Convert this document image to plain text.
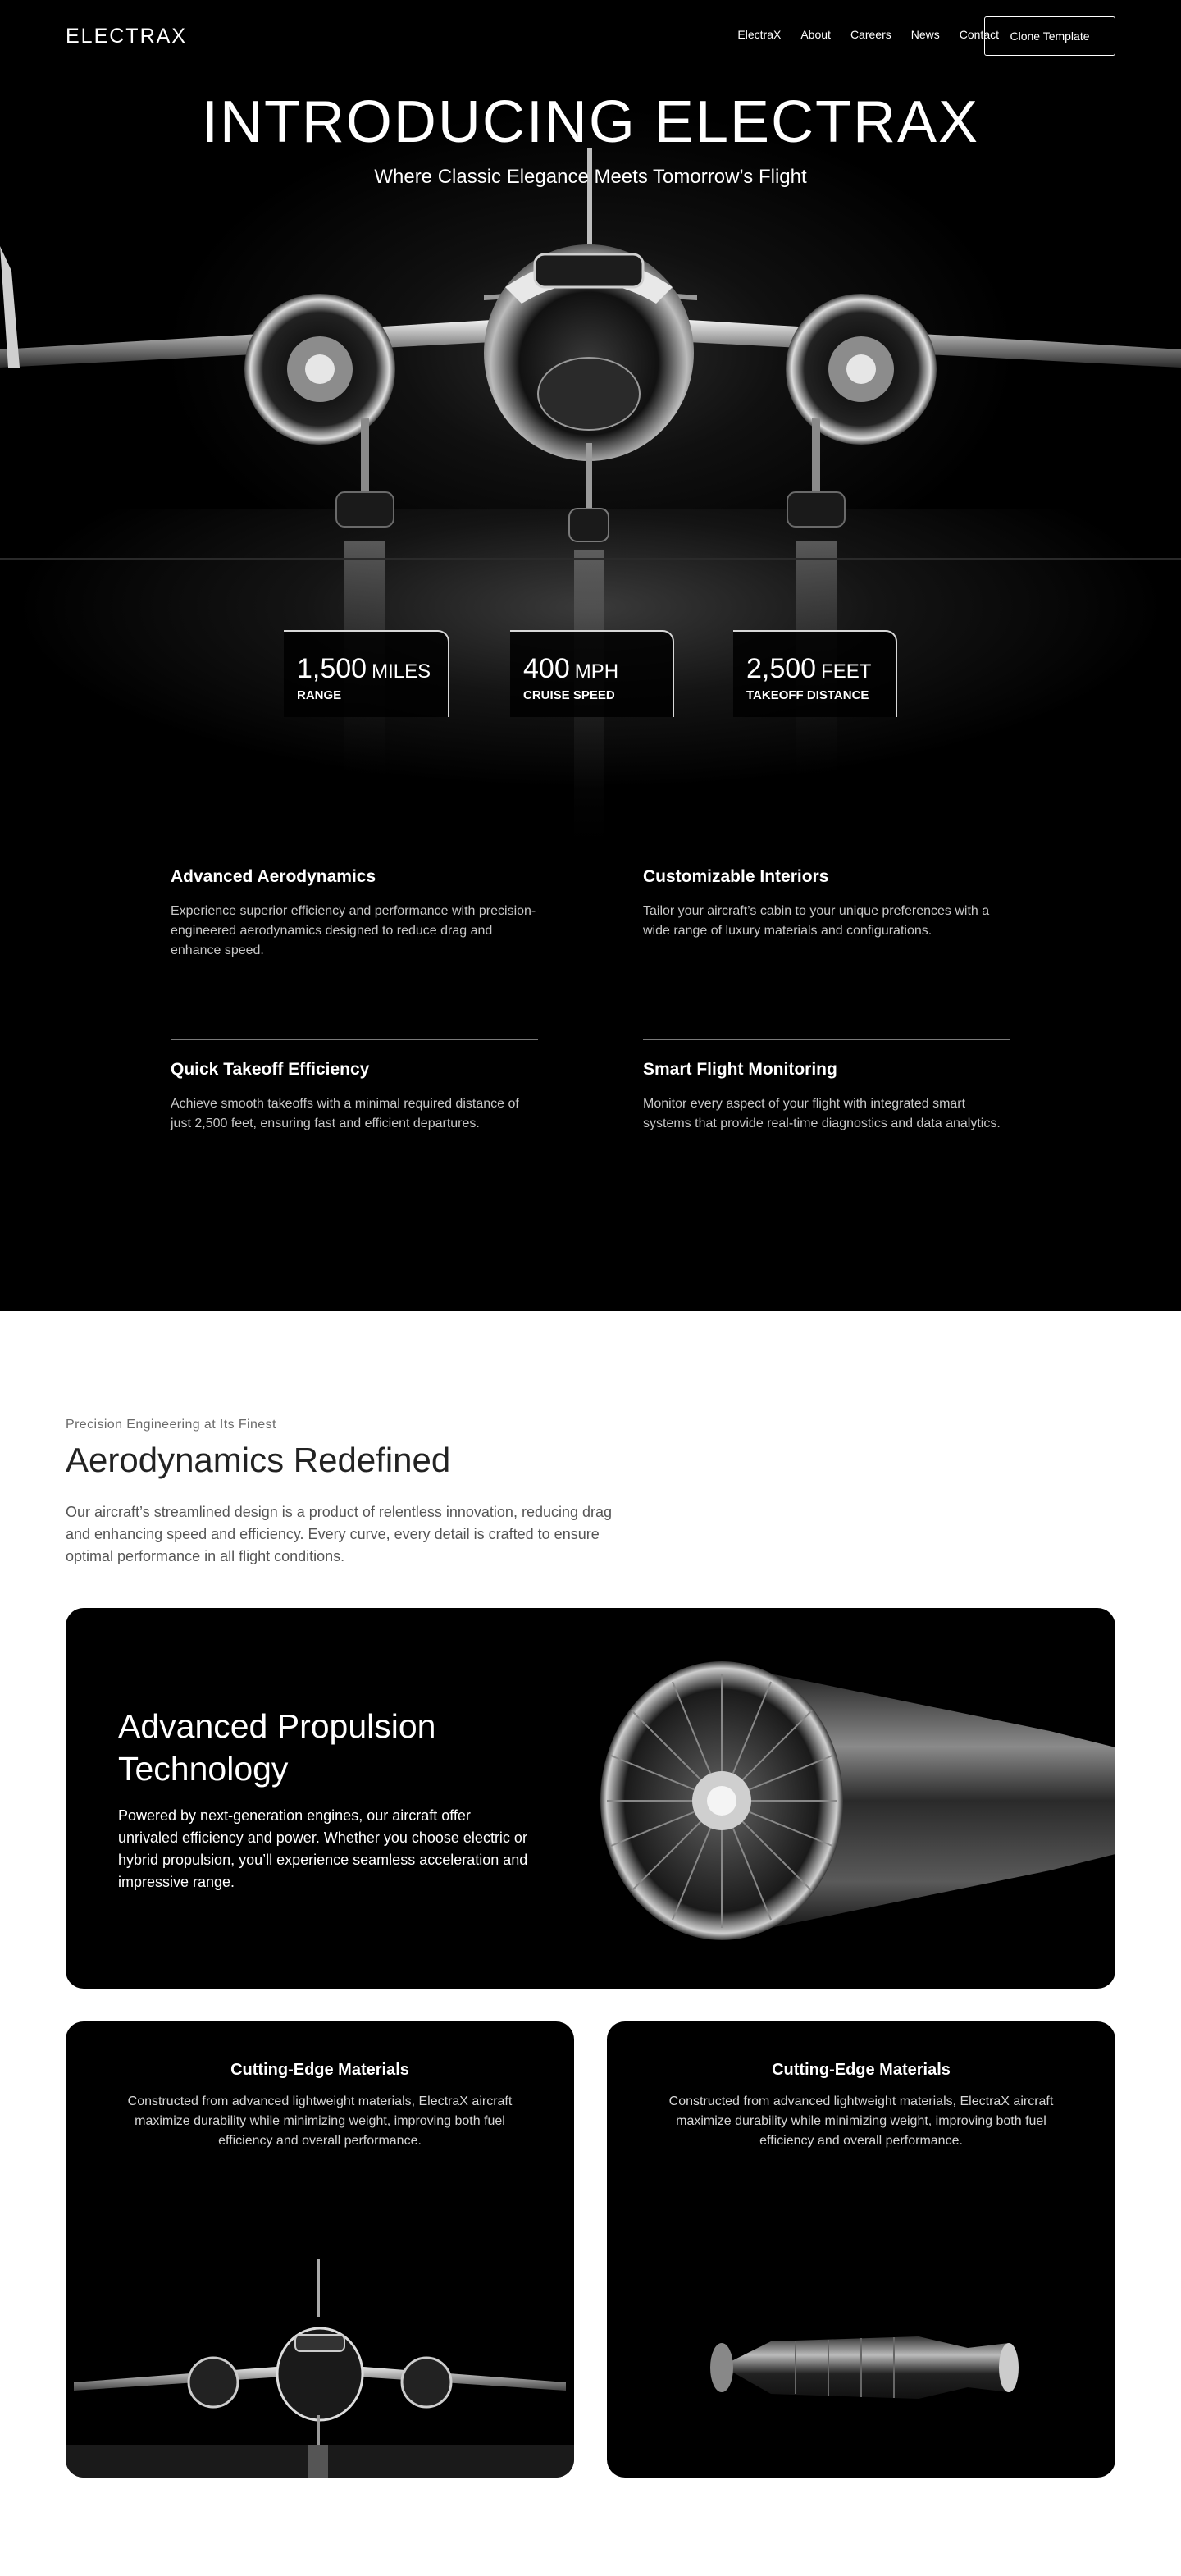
ELECTRAX	ElectraX About Careers News Contact Clone Template
INTRODUCING ELECTRAX
Where Classic Elegance Meets Tomorrow’s Flight
1,500 MILES
RANGE
400 MPH
CRUISE SPEED
2,500 FEET
TAKEOFF DISTANCE
Advanced Aerodynamics
Experience superior efficiency and performance with precision-engineered aerodynamics designed to reduce drag and enhance speed.
Customizable Interiors
Tailor your aircraft’s cabin to your unique preferences with a wide range of luxury materials and configurations.
Quick Takeoff Efficiency
Achieve smooth takeoffs with a minimal required distance of just 2,500 feet, ensuring fast and efficient departures.
Smart Flight Monitoring
Monitor every aspect of your flight with integrated smart systems that provide real-time diagnostics and data analytics.
Precision Engineering at Its Finest
Aerodynamics Redefined

Our aircraft’s streamlined design is a product of relentless innovation, reducing drag and enhancing speed and efficiency. Every curve, every detail is crafted to ensure optimal performance in all flight conditions.

Advanced Propulsion Technology
Powered by next-generation engines, our aircraft offer unrivaled efficiency and power. Whether you choose electric or hybrid propulsion, you’ll experience seamless acceleration and impressive range.
Cutting-Edge Materials
Constructed from advanced lightweight materials, ElectraX aircraft maximize durability while minimizing weight, improving both fuel efficiency and overall performance.
Cutting-Edge Materials
Constructed from advanced lightweight materials, ElectraX aircraft maximize durability while minimizing weight, improving both fuel efficiency and overall performance.
